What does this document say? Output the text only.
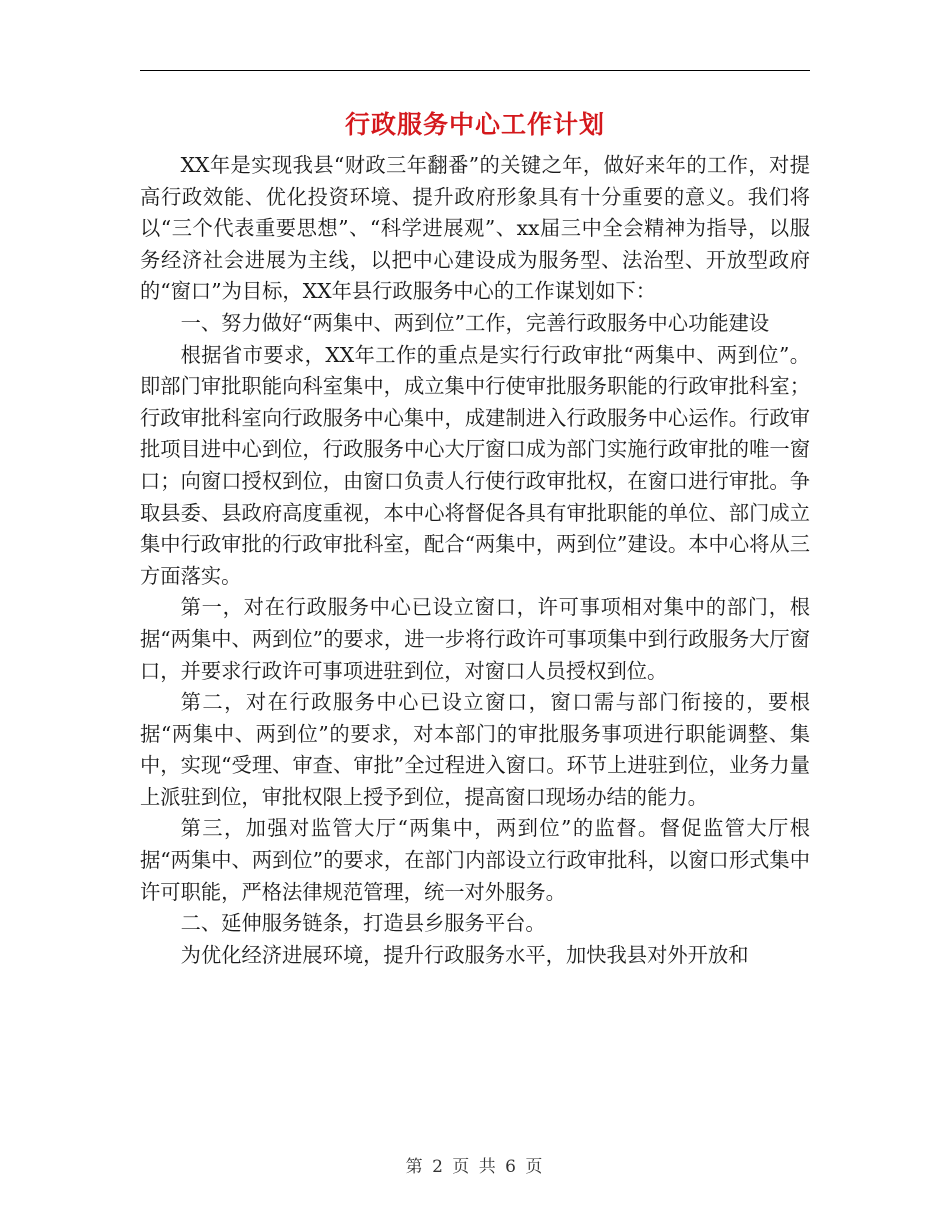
行政服务中心工作计划

XX年是实现我县“财政三年翻番”的关键之年，做好来年的工作，对提高行政效能、优化投资环境、提升政府形象具有十分重要的意义。我们将以“三个代表重要思想”、“科学进展观”、xx届三中全会精神为指导，以服务经济社会进展为主线，以把中心建设成为服务型、法治型、开放型政府的“窗口”为目标，XX年县行政服务中心的工作谋划如下：

一、努力做好“两集中、两到位”工作，完善行政服务中心功能建设

根据省市要求，XX年工作的重点是实行行政审批“两集中、两到位”。即部门审批职能向科室集中，成立集中行使审批服务职能的行政审批科室；行政审批科室向行政服务中心集中，成建制进入行政服务中心运作。行政审批项目进中心到位，行政服务中心大厅窗口成为部门实施行政审批的唯一窗口；向窗口授权到位，由窗口负责人行使行政审批权，在窗口进行审批。争取县委、县政府高度重视，本中心将督促各具有审批职能的单位、部门成立集中行政审批的行政审批科室，配合“两集中，两到位”建设。本中心将从三方面落实。

第一，对在行政服务中心已设立窗口，许可事项相对集中的部门，根据“两集中、两到位”的要求，进一步将行政许可事项集中到行政服务大厅窗口，并要求行政许可事项进驻到位，对窗口人员授权到位。

第二，对在行政服务中心已设立窗口，窗口需与部门衔接的，要根据“两集中、两到位”的要求，对本部门的审批服务事项进行职能调整、集中，实现“受理、审查、审批”全过程进入窗口。环节上进驻到位，业务力量上派驻到位，审批权限上授予到位，提高窗口现场办结的能力。

第三，加强对监管大厅“两集中，两到位”的监督。督促监管大厅根据“两集中、两到位”的要求，在部门内部设立行政审批科，以窗口形式集中许可职能，严格法律规范管理，统一对外服务。

二、延伸服务链条，打造县乡服务平台。

为优化经济进展环境，提升行政服务水平，加快我县对外开放和

第 2 页 共 6 页
